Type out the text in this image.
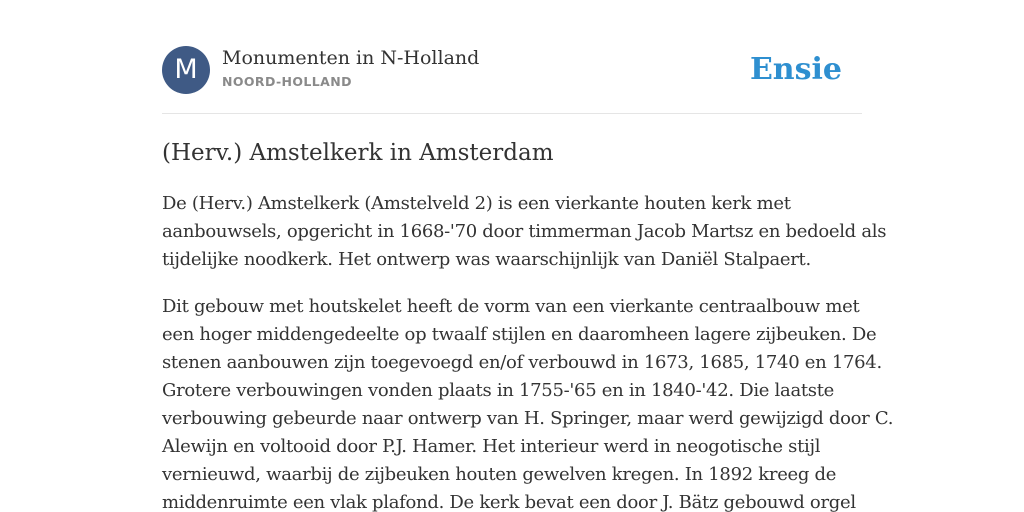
M	Monumenten in N-Holland
NOORD-HOLLAND	Ensie
(Herv.) Amstelkerk in Amsterdam

De (Herv.) Amstelkerk (Amstelveld 2) is een vierkante houten kerk met
aanbouwsels, opgericht in 1668-'70 door timmerman Jacob Martsz en bedoeld als
tijdelijke noodkerk. Het ontwerp was waarschijnlijk van Daniël Stalpaert.

Dit gebouw met houtskelet heeft de vorm van een vierkante centraalbouw met
een hoger middengedeelte op twaalf stijlen en daaromheen lagere zijbeuken. De
stenen aanbouwen zijn toegevoegd en/of verbouwd in 1673, 1685, 1740 en 1764.
Grotere verbouwingen vonden plaats in 1755-'65 en in 1840-'42. Die laatste
verbouwing gebeurde naar ontwerp van H. Springer, maar werd gewijzigd door C.
Alewijn en voltooid door P.J. Hamer. Het interieur werd in neogotische stijl
vernieuwd, waarbij de zijbeuken houten gewelven kregen. In 1892 kreeg de
middenruimte een vlak plafond. De kerk bevat een door J. Bätz gebouwd orgel
